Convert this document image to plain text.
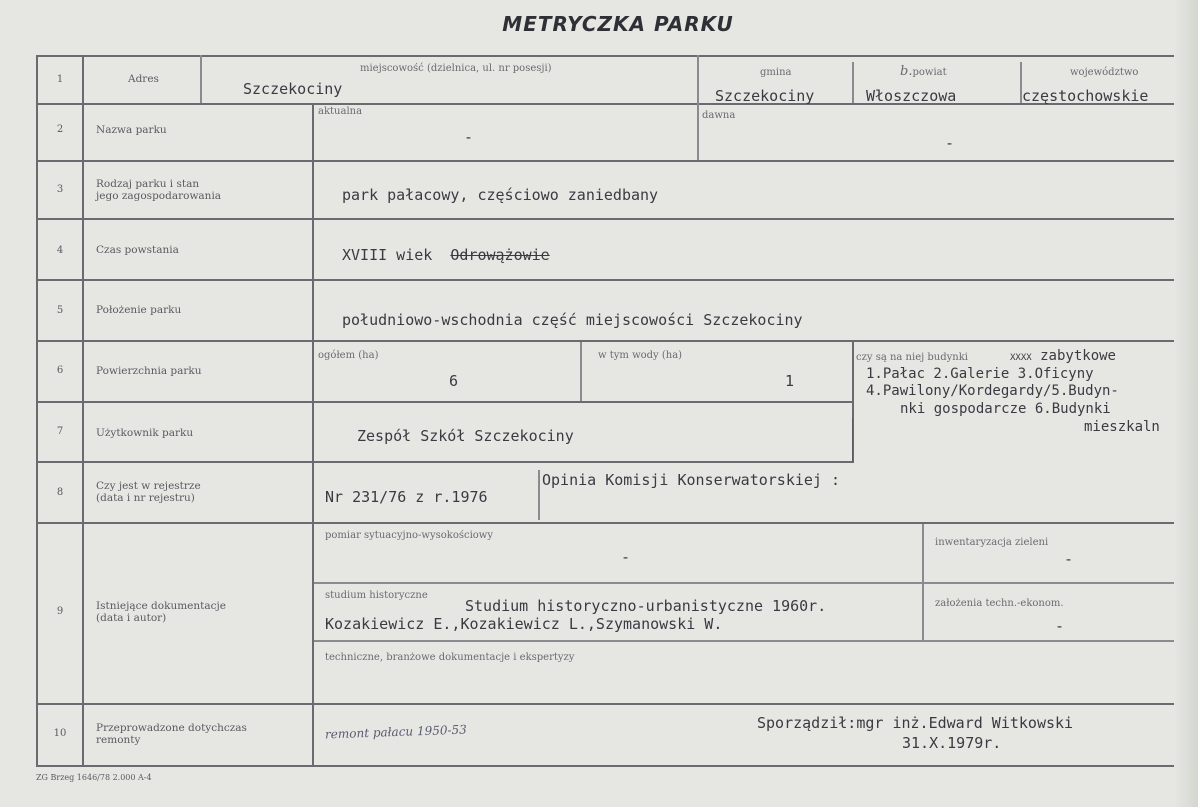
METRYCZKA PARKU
1
2
3
4
5
6
7
8
9
10
Adres
Nazwa parku
Rodzaj parku i stan
jego zagospodarowania
Czas powstania
Położenie parku
Powierzchnia parku
Użytkownik parku
Czy jest w rejestrze
(data i nr rejestru)
Istniejące dokumentacje
(data i autor)
Przeprowadzone dotychczas
remonty
miejscowość (dzielnica, ul. nr posesji)
Szczekociny
gmina
Szczekociny
b.powiat
Włoszczowa
województwo
częstochowskie
aktualna
-
dawna
-
park pałacowy, częściowo zaniedbany
XVIII wiek Odrowążowie
południowo-wschodnia część miejscowości Szczekociny
ogółem (ha)
6
w tym wody (ha)
1
czy są na niej budynki	XXXX zabytkowe
1.Pałac 2.Galerie 3.Oficyny
4.Pawilony/Kordegardy/5.Budyn-
nki gospodarcze 6.Budynki
mieszkaln
Zespół Szkół Szczekociny
Nr 231/76 z r.1976
Opinia Komisji Konserwatorskiej :
pomiar sytuacyjno-wysokościowy
-
inwentaryzacja zieleni
-
studium historyczne
Studium historyczno-urbanistyczne 1960r.
Kozakiewicz E.,Kozakiewicz L.,Szymanowski W.
założenia techn.-ekonom.
-
techniczne, branżowe dokumentacje i ekspertyzy
remont pałacu 1950-53	Sporządził:mgr inż.Edward Witkowski
31.X.1979r.
ZG Brzeg 1646/78 2.000 A-4
